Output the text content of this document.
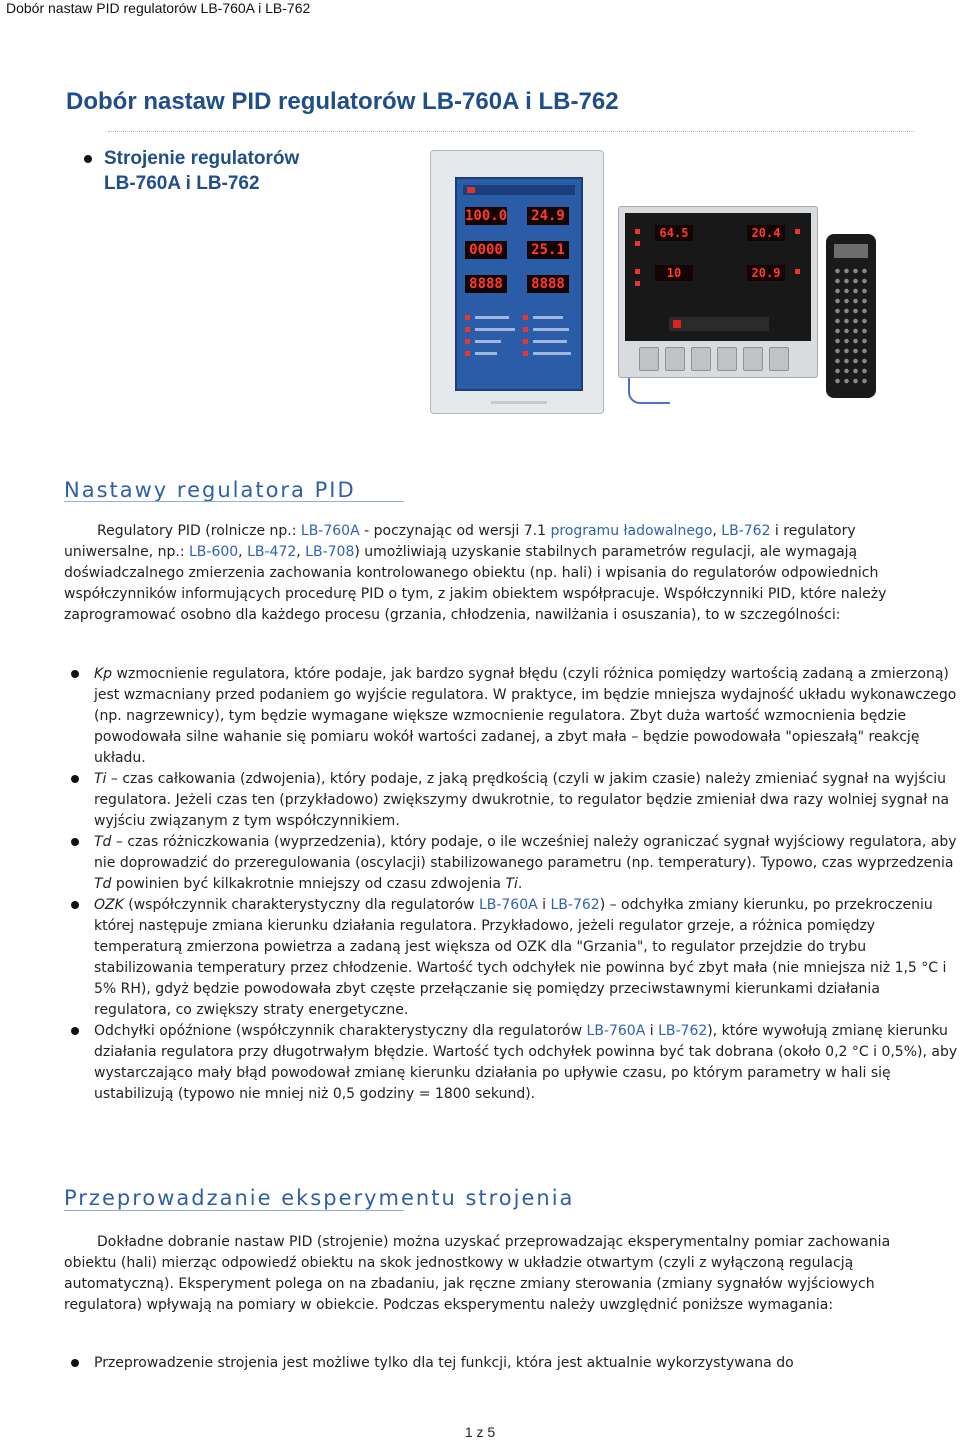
Dobór nastaw PID regulatorów LB-760A i LB-762
Dobór nastaw PID regulatorów LB-760A i LB-762
Strojenie regulatorów
LB-760A i LB-762
100.0 24.9
0000 25.1
8888 8888
64.5	20.4
10	20.9
Nastawy regulatora PID

Regulatory PID (rolnicze np.: LB-760A - poczynając od wersji 7.1 programu ładowalnego, LB-762 i regulatory uniwersalne, np.: LB-600, LB-472, LB-708) umożliwiają uzyskanie stabilnych parametrów regulacji, ale wymagają doświadczalnego zmierzenia zachowania kontrolowanego obiektu (np. hali) i wpisania do regulatorów odpowiednich współczynników informujących procedurę PID o tym, z jakim obiektem współpracuje. Współczynniki PID, które należy zaprogramować osobno dla każdego procesu (grzania, chłodzenia, nawilżania i osuszania), to w szczególności:

Kp wzmocnienie regulatora, które podaje, jak bardzo sygnał błędu (czyli różnica pomiędzy wartością zadaną a zmierzoną) jest wzmacniany przed podaniem go wyjście regulatora. W praktyce, im będzie mniejsza wydajność układu wykonawczego (np. nagrzewnicy), tym będzie wymagane większe wzmocnienie regulatora. Zbyt duża wartość wzmocnienia będzie powodowała silne wahanie się pomiaru wokół wartości zadanej, a zbyt mała – będzie powodowała "opieszałą" reakcję układu.
Ti – czas całkowania (zdwojenia), który podaje, z jaką prędkością (czyli w jakim czasie) należy zmieniać sygnał na wyjściu regulatora. Jeżeli czas ten (przykładowo) zwiększymy dwukrotnie, to regulator będzie zmieniał dwa razy wolniej sygnał na wyjściu związanym z tym współczynnikiem.
Td – czas różniczkowania (wyprzedzenia), który podaje, o ile wcześniej należy ograniczać sygnał wyjściowy regulatora, aby nie doprowadzić do przeregulowania (oscylacji) stabilizowanego parametru (np. temperatury). Typowo, czas wyprzedzenia Td powinien być kilkakrotnie mniejszy od czasu zdwojenia Ti.
OZK (współczynnik charakterystyczny dla regulatorów LB-760A i LB-762) – odchyłka zmiany kierunku, po przekroczeniu której następuje zmiana kierunku działania regulatora. Przykładowo, jeżeli regulator grzeje, a różnica pomiędzy temperaturą zmierzona powietrza a zadaną jest większa od OZK dla "Grzania", to regulator przejdzie do trybu stabilizowania temperatury przez chłodzenie. Wartość tych odchyłek nie powinna być zbyt mała (nie mniejsza niż 1,5 °C i 5% RH), gdyż będzie powodowała zbyt częste przełączanie się pomiędzy przeciwstawnymi kierunkami działania regulatora, co zwiększy straty energetyczne.
Odchyłki opóźnione (współczynnik charakterystyczny dla regulatorów LB-760A i LB-762), które wywołują zmianę kierunku działania regulatora przy długotrwałym błędzie. Wartość tych odchyłek powinna być tak dobrana (około 0,2 °C i 0,5%), aby wystarczająco mały błąd powodował zmianę kierunku działania po upływie czasu, po którym parametry w hali się ustabilizują (typowo nie mniej niż 0,5 godziny = 1800 sekund).
Przeprowadzanie eksperymentu strojenia

Dokładne dobranie nastaw PID (strojenie) można uzyskać przeprowadzając eksperymentalny pomiar zachowania obiektu (hali) mierząc odpowiedź obiektu na skok jednostkowy w układzie otwartym (czyli z wyłączoną regulacją automatyczną). Eksperyment polega on na zbadaniu, jak ręczne zmiany sterowania (zmiany sygnałów wyjściowych regulatora) wpływają na pomiary w obiekcie. Podczas eksperymentu należy uwzględnić poniższe wymagania:

Przeprowadzenie strojenia jest możliwe tylko dla tej funkcji, która jest aktualnie wykorzystywana do
1 z 5
